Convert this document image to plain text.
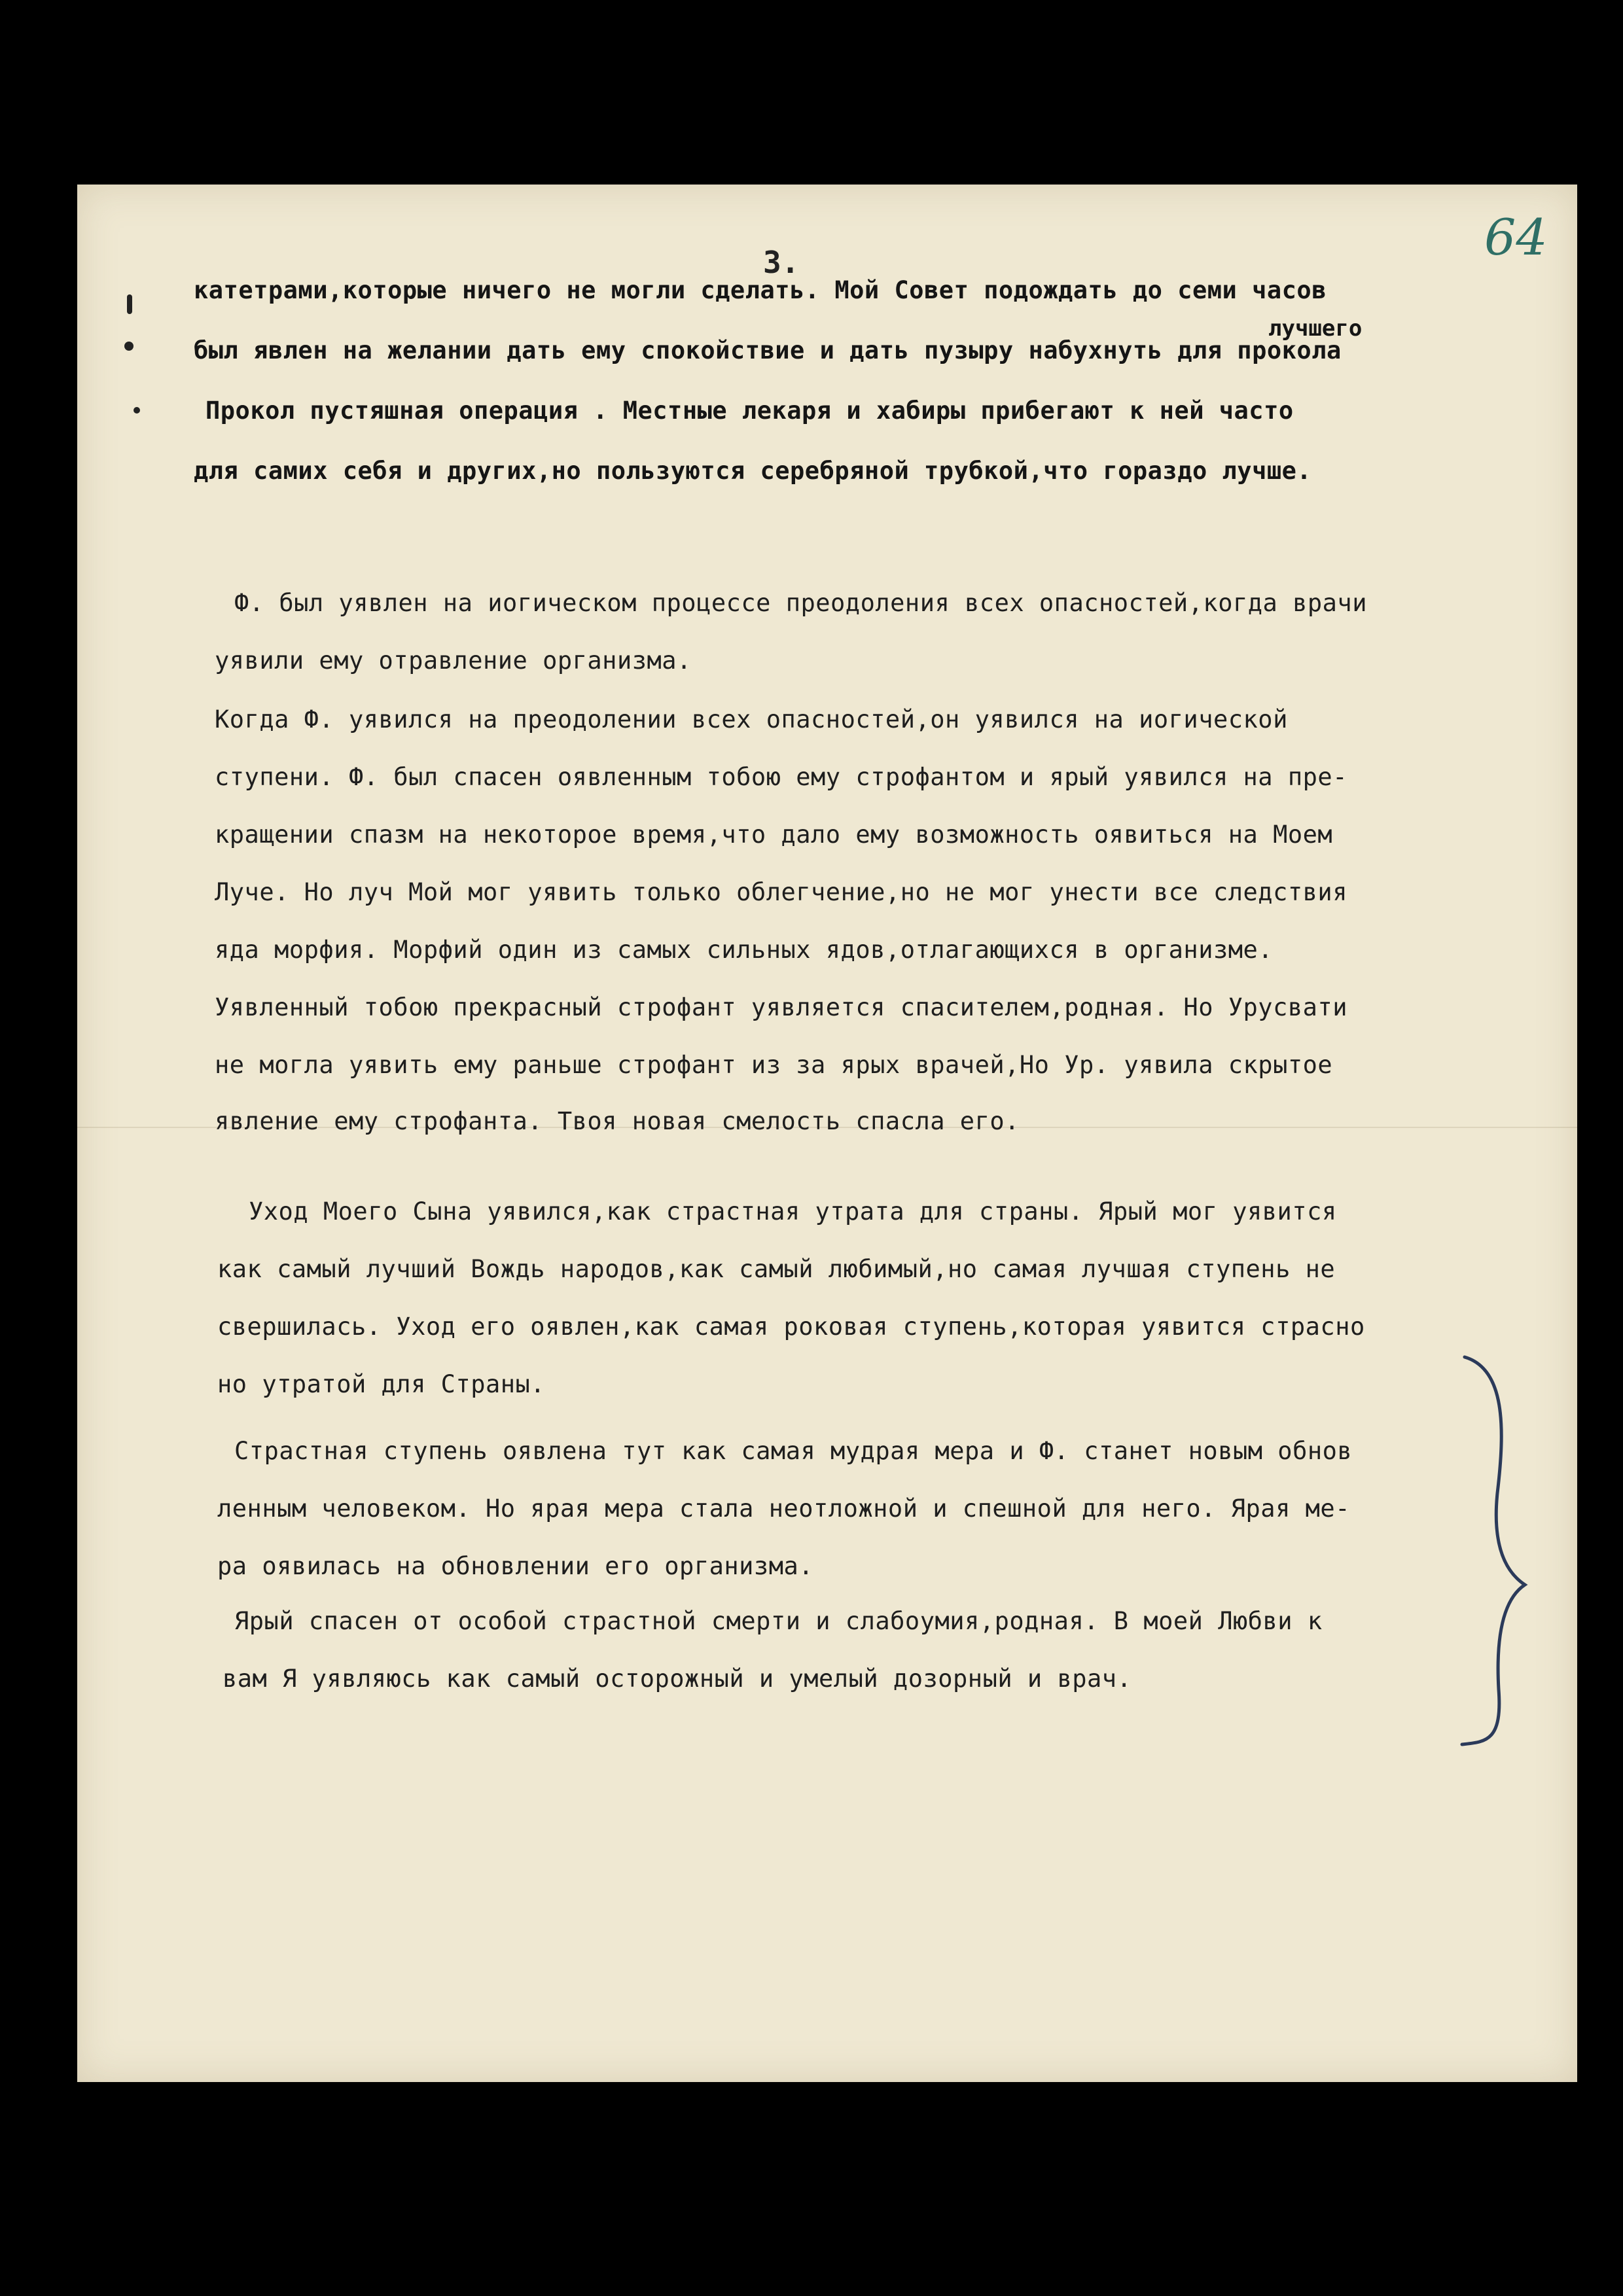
3.	64
катетрами,которые ничего не могли сделать. Мой Совет подождать до семи часов
лучшего
был явлен на желании дать ему спокойствие и дать пузыру набухнуть для прокола
Прокол пустяшная операция . Местные лекаря и хабиры прибегают к ней часто
для самих себя и других,но пользуются серебряной трубкой,что гораздо лучше.
Ф. был уявлен на иогическом процессе преодоления всех опасностей,когда врачи
уявили ему отравление организма.
Когда Ф. уявился на преодолении всех опасностей,он уявился на иогической
ступени. Ф. был спасен оявленным тобою ему строфантом и ярый уявился на пре-
кращении спазм на некоторое время,что дало ему возможность оявиться на Моем
Луче. Но луч Мой мог уявить только облегчение,но не мог унести все следствия
яда морфия. Морфий один из самых сильных ядов,отлагающихся в организме.
Уявленный тобою прекрасный строфант уявляется спасителем,родная. Но Урусвати
не могла уявить ему раньше строфант из за ярых врачей,Но Ур. уявила скрытое
явление ему строфанта. Твоя новая смелость спасла его.
Уход Моего Сына уявился,как страстная утрата для страны. Ярый мог уявится
как самый лучший Вождь народов,как самый любимый,но самая лучшая ступень не
свершилась. Уход его оявлен,как самая роковая ступень,которая уявится страсно
но утратой для Страны.
Страстная ступень оявлена тут как самая мудрая мера и Ф. станет новым обнов
ленным человеком. Но ярая мера стала неотложной и спешной для него. Ярая ме-
ра оявилась на обновлении его организма.
Ярый спасен от особой страстной смерти и слабоумия,родная. В моей Любви к
вам Я уявляюсь как самый осторожный и умелый дозорный и врач.
